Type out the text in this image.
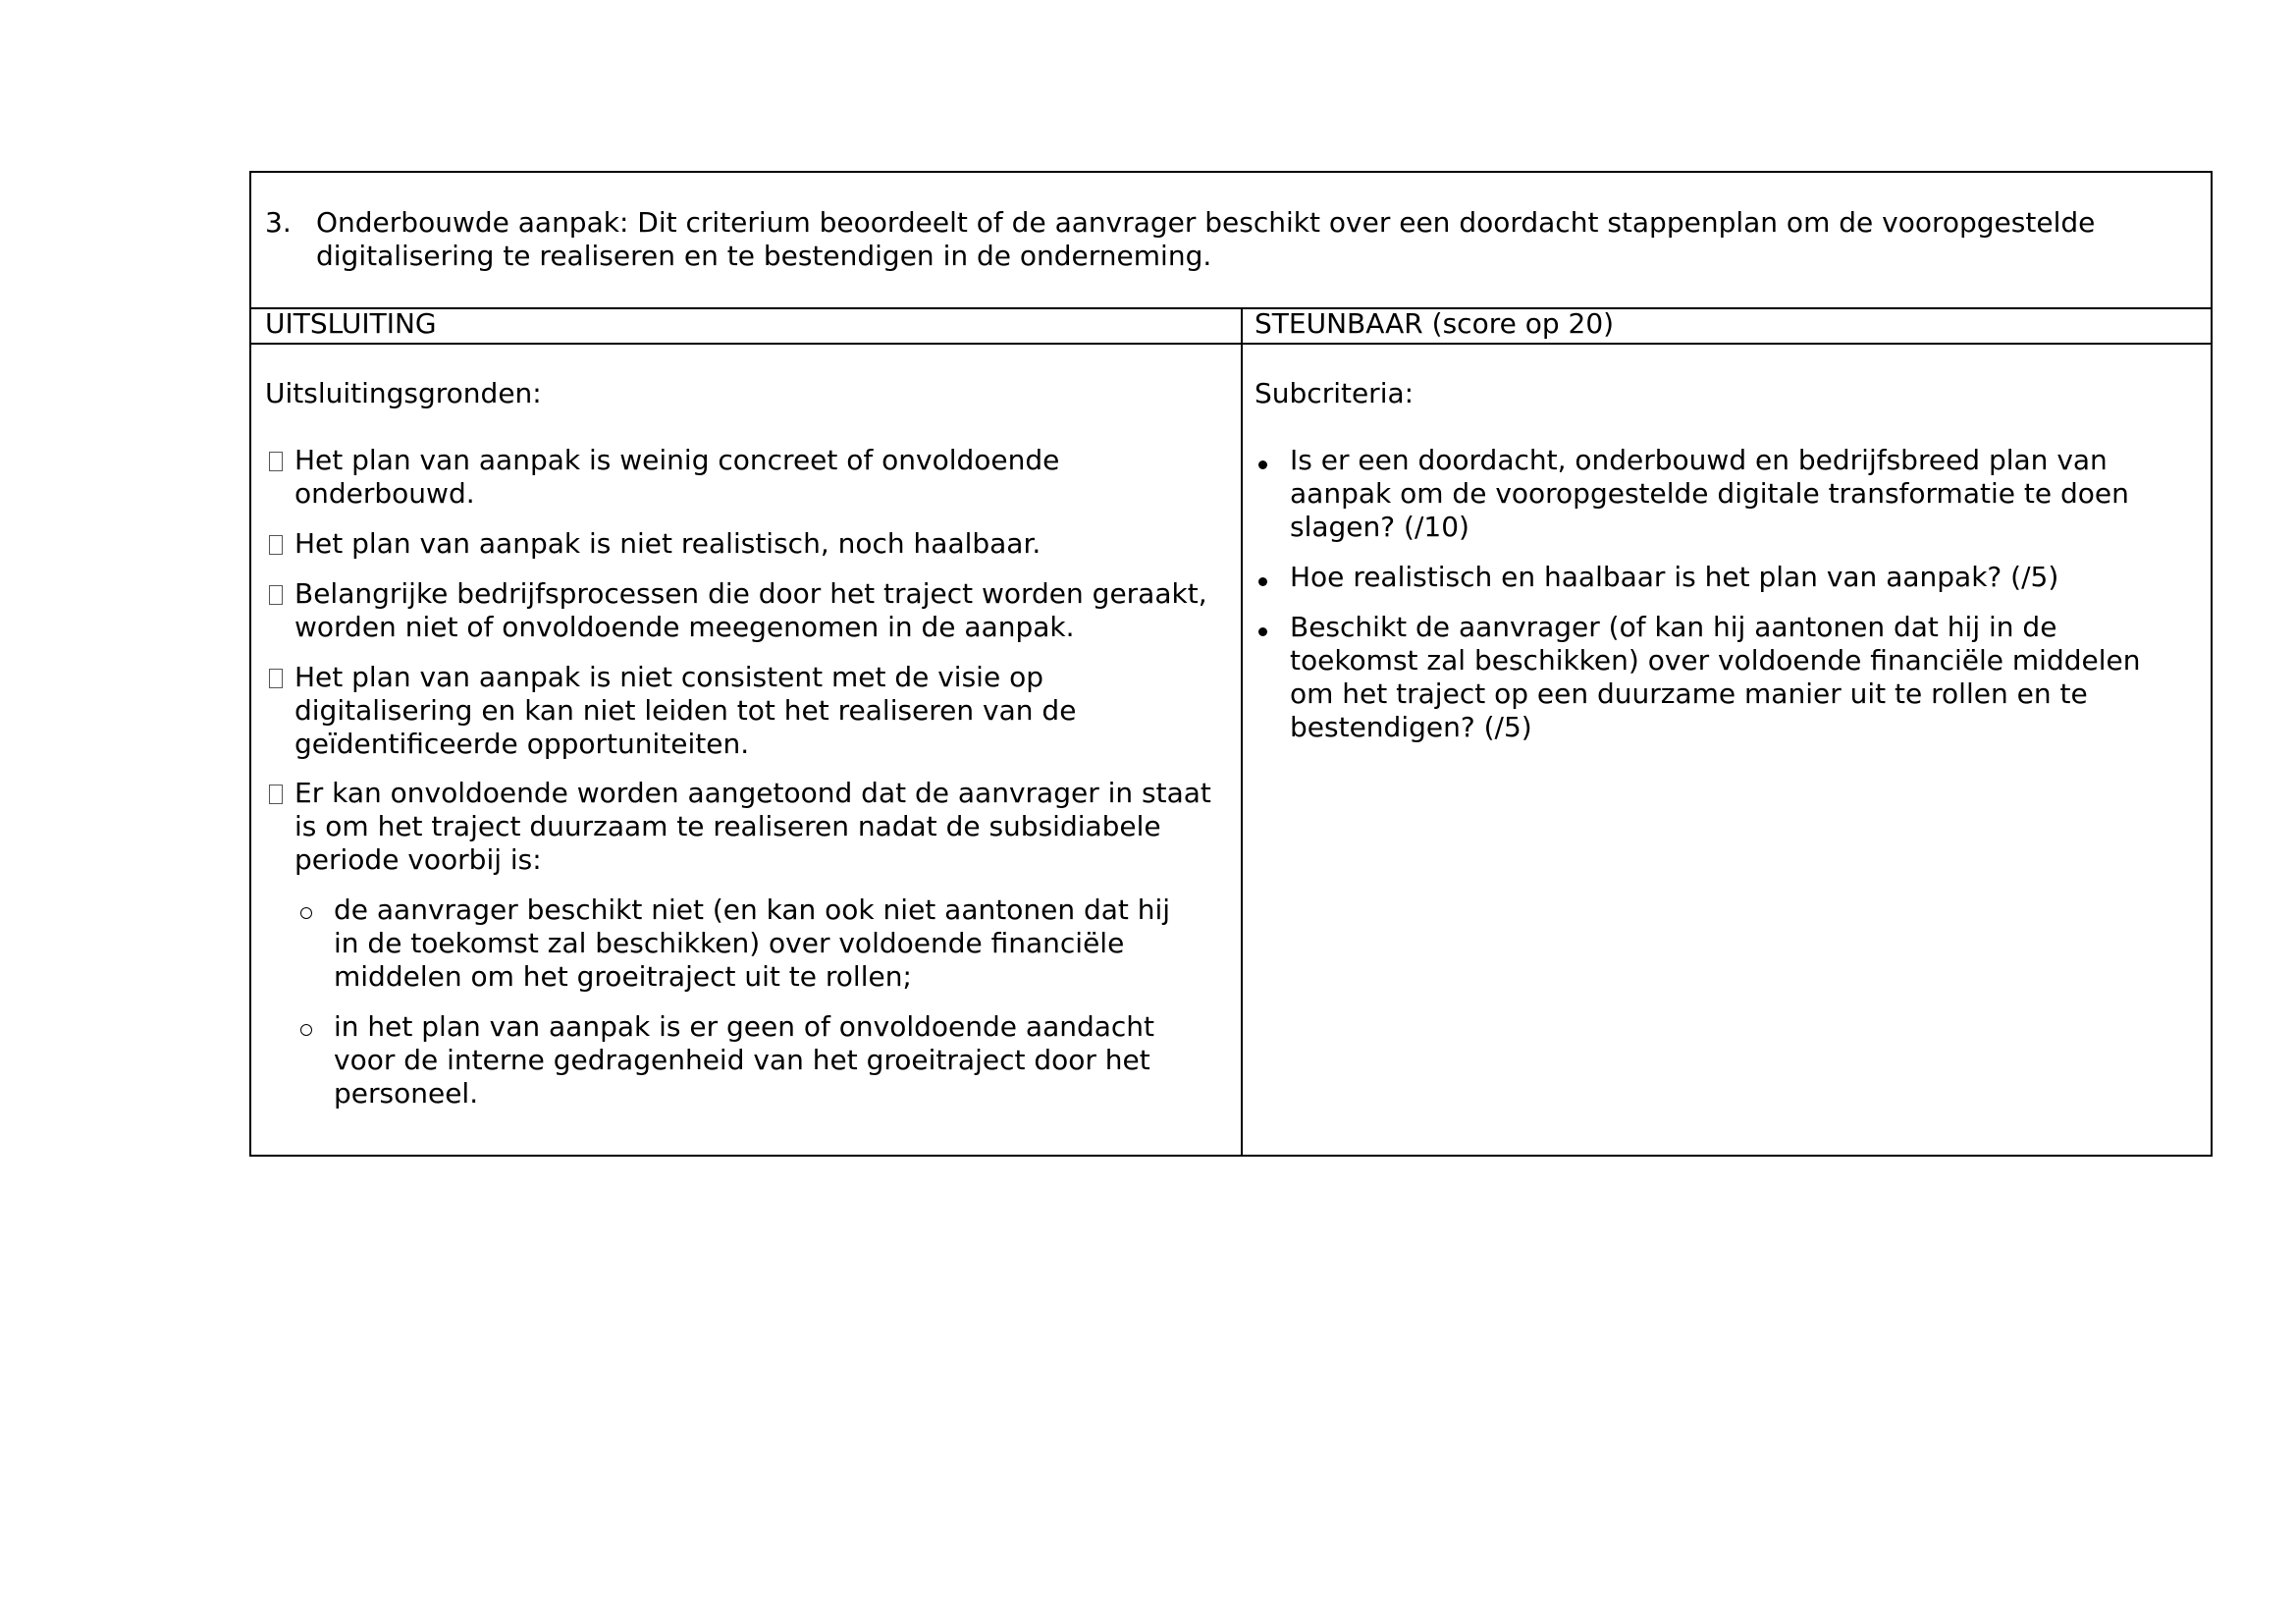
3. Onderbouwde aanpak: Dit criterium beoordeelt of de aanvrager beschikt over een doordacht stappenplan om de vooropgestelde digitalisering te realiseren en te bestendigen in de onderneming.
UITSLUITING	STEUNBAAR (score op 20)
Uitsluitingsgronden:
Het plan van aanpak is weinig concreet of onvoldoende onderbouwd.
Het plan van aanpak is niet realistisch, noch haalbaar.
Belangrijke bedrijfsprocessen die door het traject worden geraakt, worden niet of onvoldoende meegenomen in de aanpak.
Het plan van aanpak is niet consistent met de visie op digitalisering en kan niet leiden tot het realiseren van de geïdentificeerde opportuniteiten.
Er kan onvoldoende worden aangetoond dat de aanvrager in staat is om het traject duurzaam te realiseren nadat de subsidiabele periode voorbij is:
de aanvrager beschikt niet (en kan ook niet aantonen dat hij in de toekomst zal beschikken) over voldoende financiële middelen om het groeitraject uit te rollen;
in het plan van aanpak is er geen of onvoldoende aandacht voor de interne gedragenheid van het groeitraject door het personeel.
Subcriteria:
Is er een doordacht, onderbouwd en bedrijfsbreed plan van aanpak om de vooropgestelde digitale transformatie te doen slagen? (/10)
Hoe realistisch en haalbaar is het plan van aanpak? (/5)
Beschikt de aanvrager (of kan hij aantonen dat hij in de toekomst zal beschikken) over voldoende financiële middelen om het traject op een duurzame manier uit te rollen en te bestendigen? (/5)
